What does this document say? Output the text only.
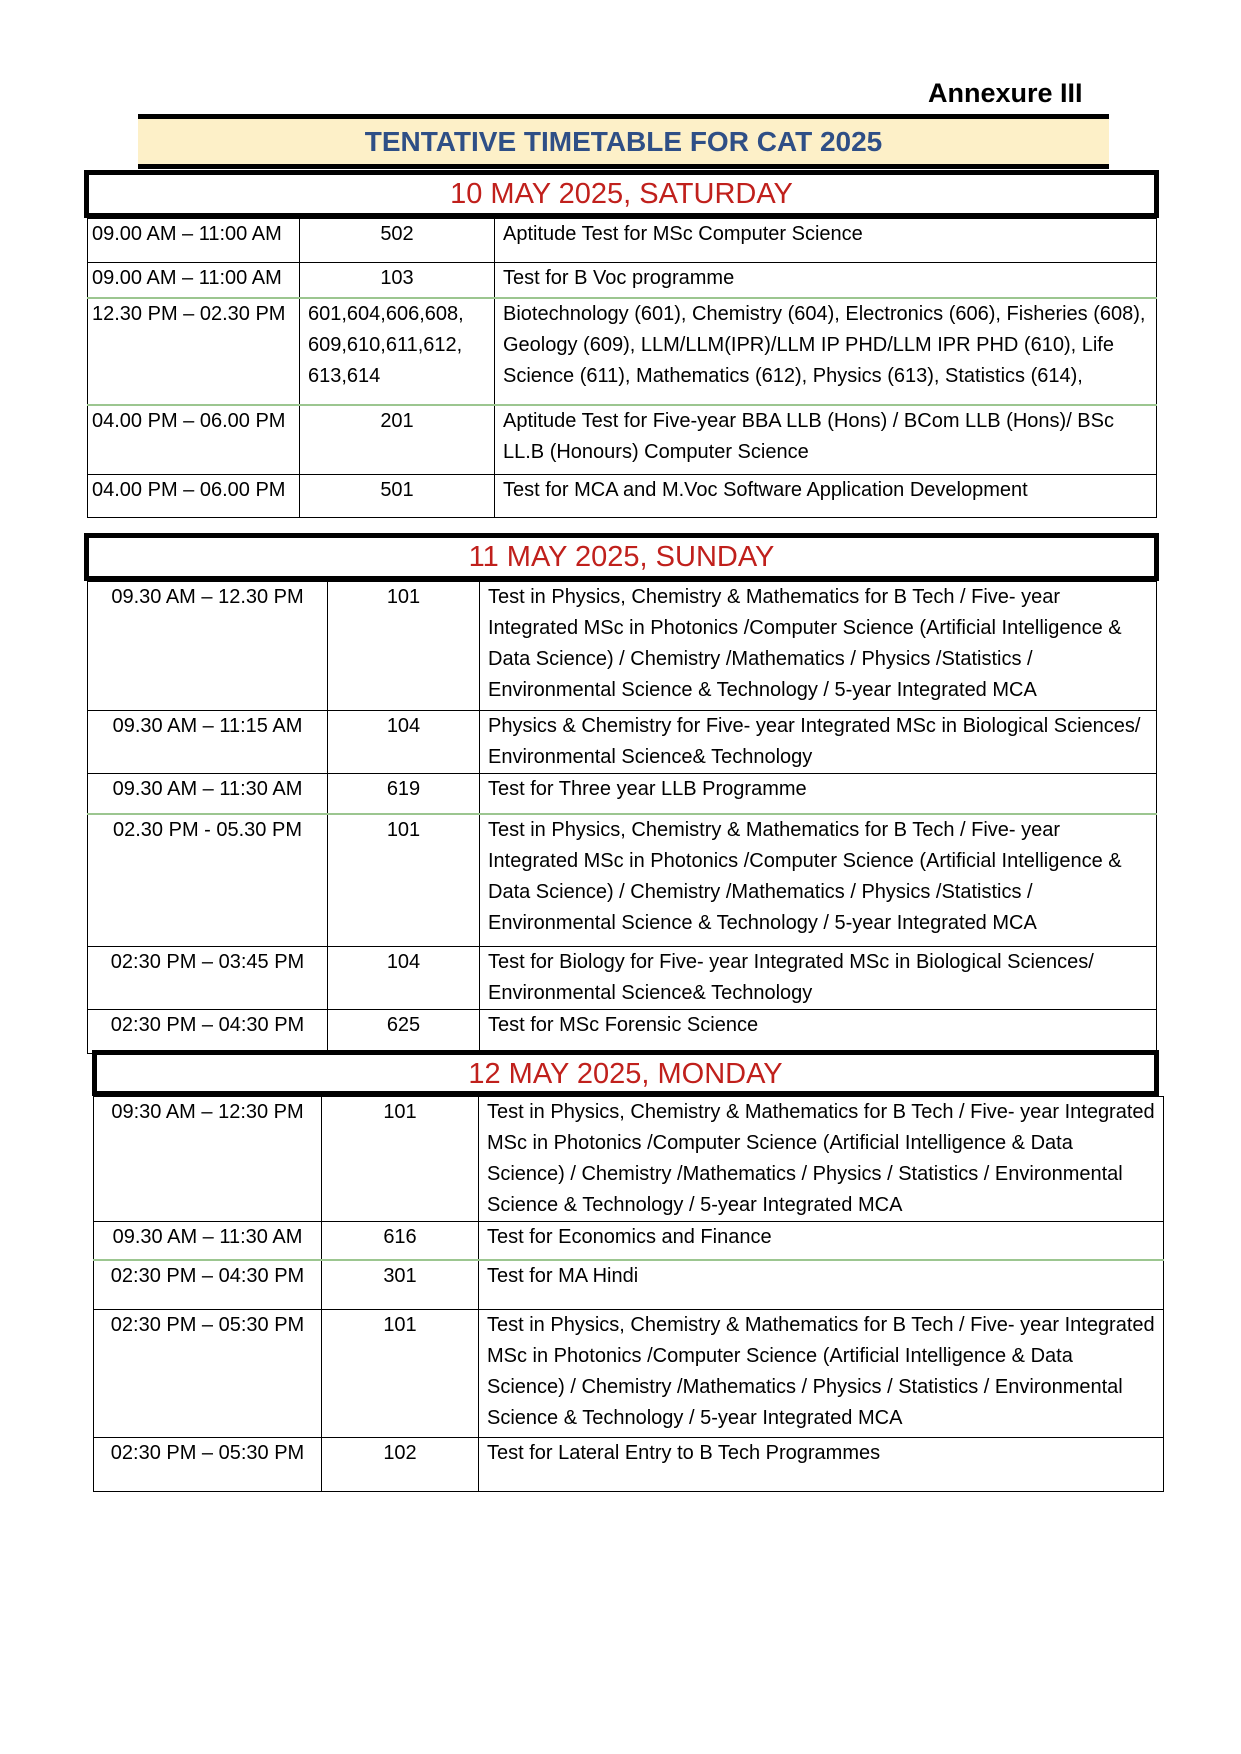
Annexure III
TENTATIVE TIMETABLE FOR CAT 2025
10 MAY 2025, SATURDAY
09.00 AM – 11:00 AM	502	Aptitude Test for MSc Computer Science
09.00 AM – 11:00 AM	103	Test for B Voc programme
12.30 PM – 02.30 PM	601,604,606,608, 609,610,611,612, 613,614	Biotechnology (601), Chemistry (604), Electronics (606), Fisheries (608), Geology (609), LLM/LLM(IPR)/LLM IP PHD/LLM IPR PHD (610), Life Science (611), Mathematics (612), Physics (613), Statistics (614),
04.00 PM – 06.00 PM	201	Aptitude Test for Five-year BBA LLB (Hons) / BCom LLB (Hons)/ BSc LL.B (Honours) Computer Science
04.00 PM – 06.00 PM	501	Test for MCA and M.Voc Software Application Development
11 MAY 2025, SUNDAY
09.30 AM – 12.30 PM	101	Test in Physics, Chemistry & Mathematics for B Tech / Five- year Integrated MSc in Photonics /Computer Science (Artificial Intelligence & Data Science) / Chemistry /Mathematics / Physics /Statistics / Environmental Science & Technology / 5-year Integrated MCA
09.30 AM – 11:15 AM	104	Physics & Chemistry for Five- year Integrated MSc in Biological Sciences/ Environmental Science& Technology
09.30 AM – 11:30 AM	619	Test for Three year LLB Programme
02.30 PM - 05.30 PM	101	Test in Physics, Chemistry & Mathematics for B Tech / Five- year Integrated MSc in Photonics /Computer Science (Artificial Intelligence & Data Science) / Chemistry /Mathematics / Physics /Statistics / Environmental Science & Technology / 5-year Integrated MCA
02:30 PM – 03:45 PM	104	Test for Biology for Five- year Integrated MSc in Biological Sciences/ Environmental Science& Technology
02:30 PM – 04:30 PM	625	Test for MSc Forensic Science
12 MAY 2025, MONDAY
09:30 AM – 12:30 PM	101	Test in Physics, Chemistry & Mathematics for B Tech / Five- year Integrated MSc in Photonics /Computer Science (Artificial Intelligence & Data Science) / Chemistry /Mathematics / Physics / Statistics / Environmental Science & Technology / 5-year Integrated MCA
09.30 AM – 11:30 AM	616	Test for Economics and Finance
02:30 PM – 04:30 PM	301	Test for MA Hindi
02:30 PM – 05:30 PM	101	Test in Physics, Chemistry & Mathematics for B Tech / Five- year Integrated MSc in Photonics /Computer Science (Artificial Intelligence & Data Science) / Chemistry /Mathematics / Physics / Statistics / Environmental Science & Technology / 5-year Integrated MCA
02:30 PM – 05:30 PM	102	Test for Lateral Entry to B Tech Programmes
